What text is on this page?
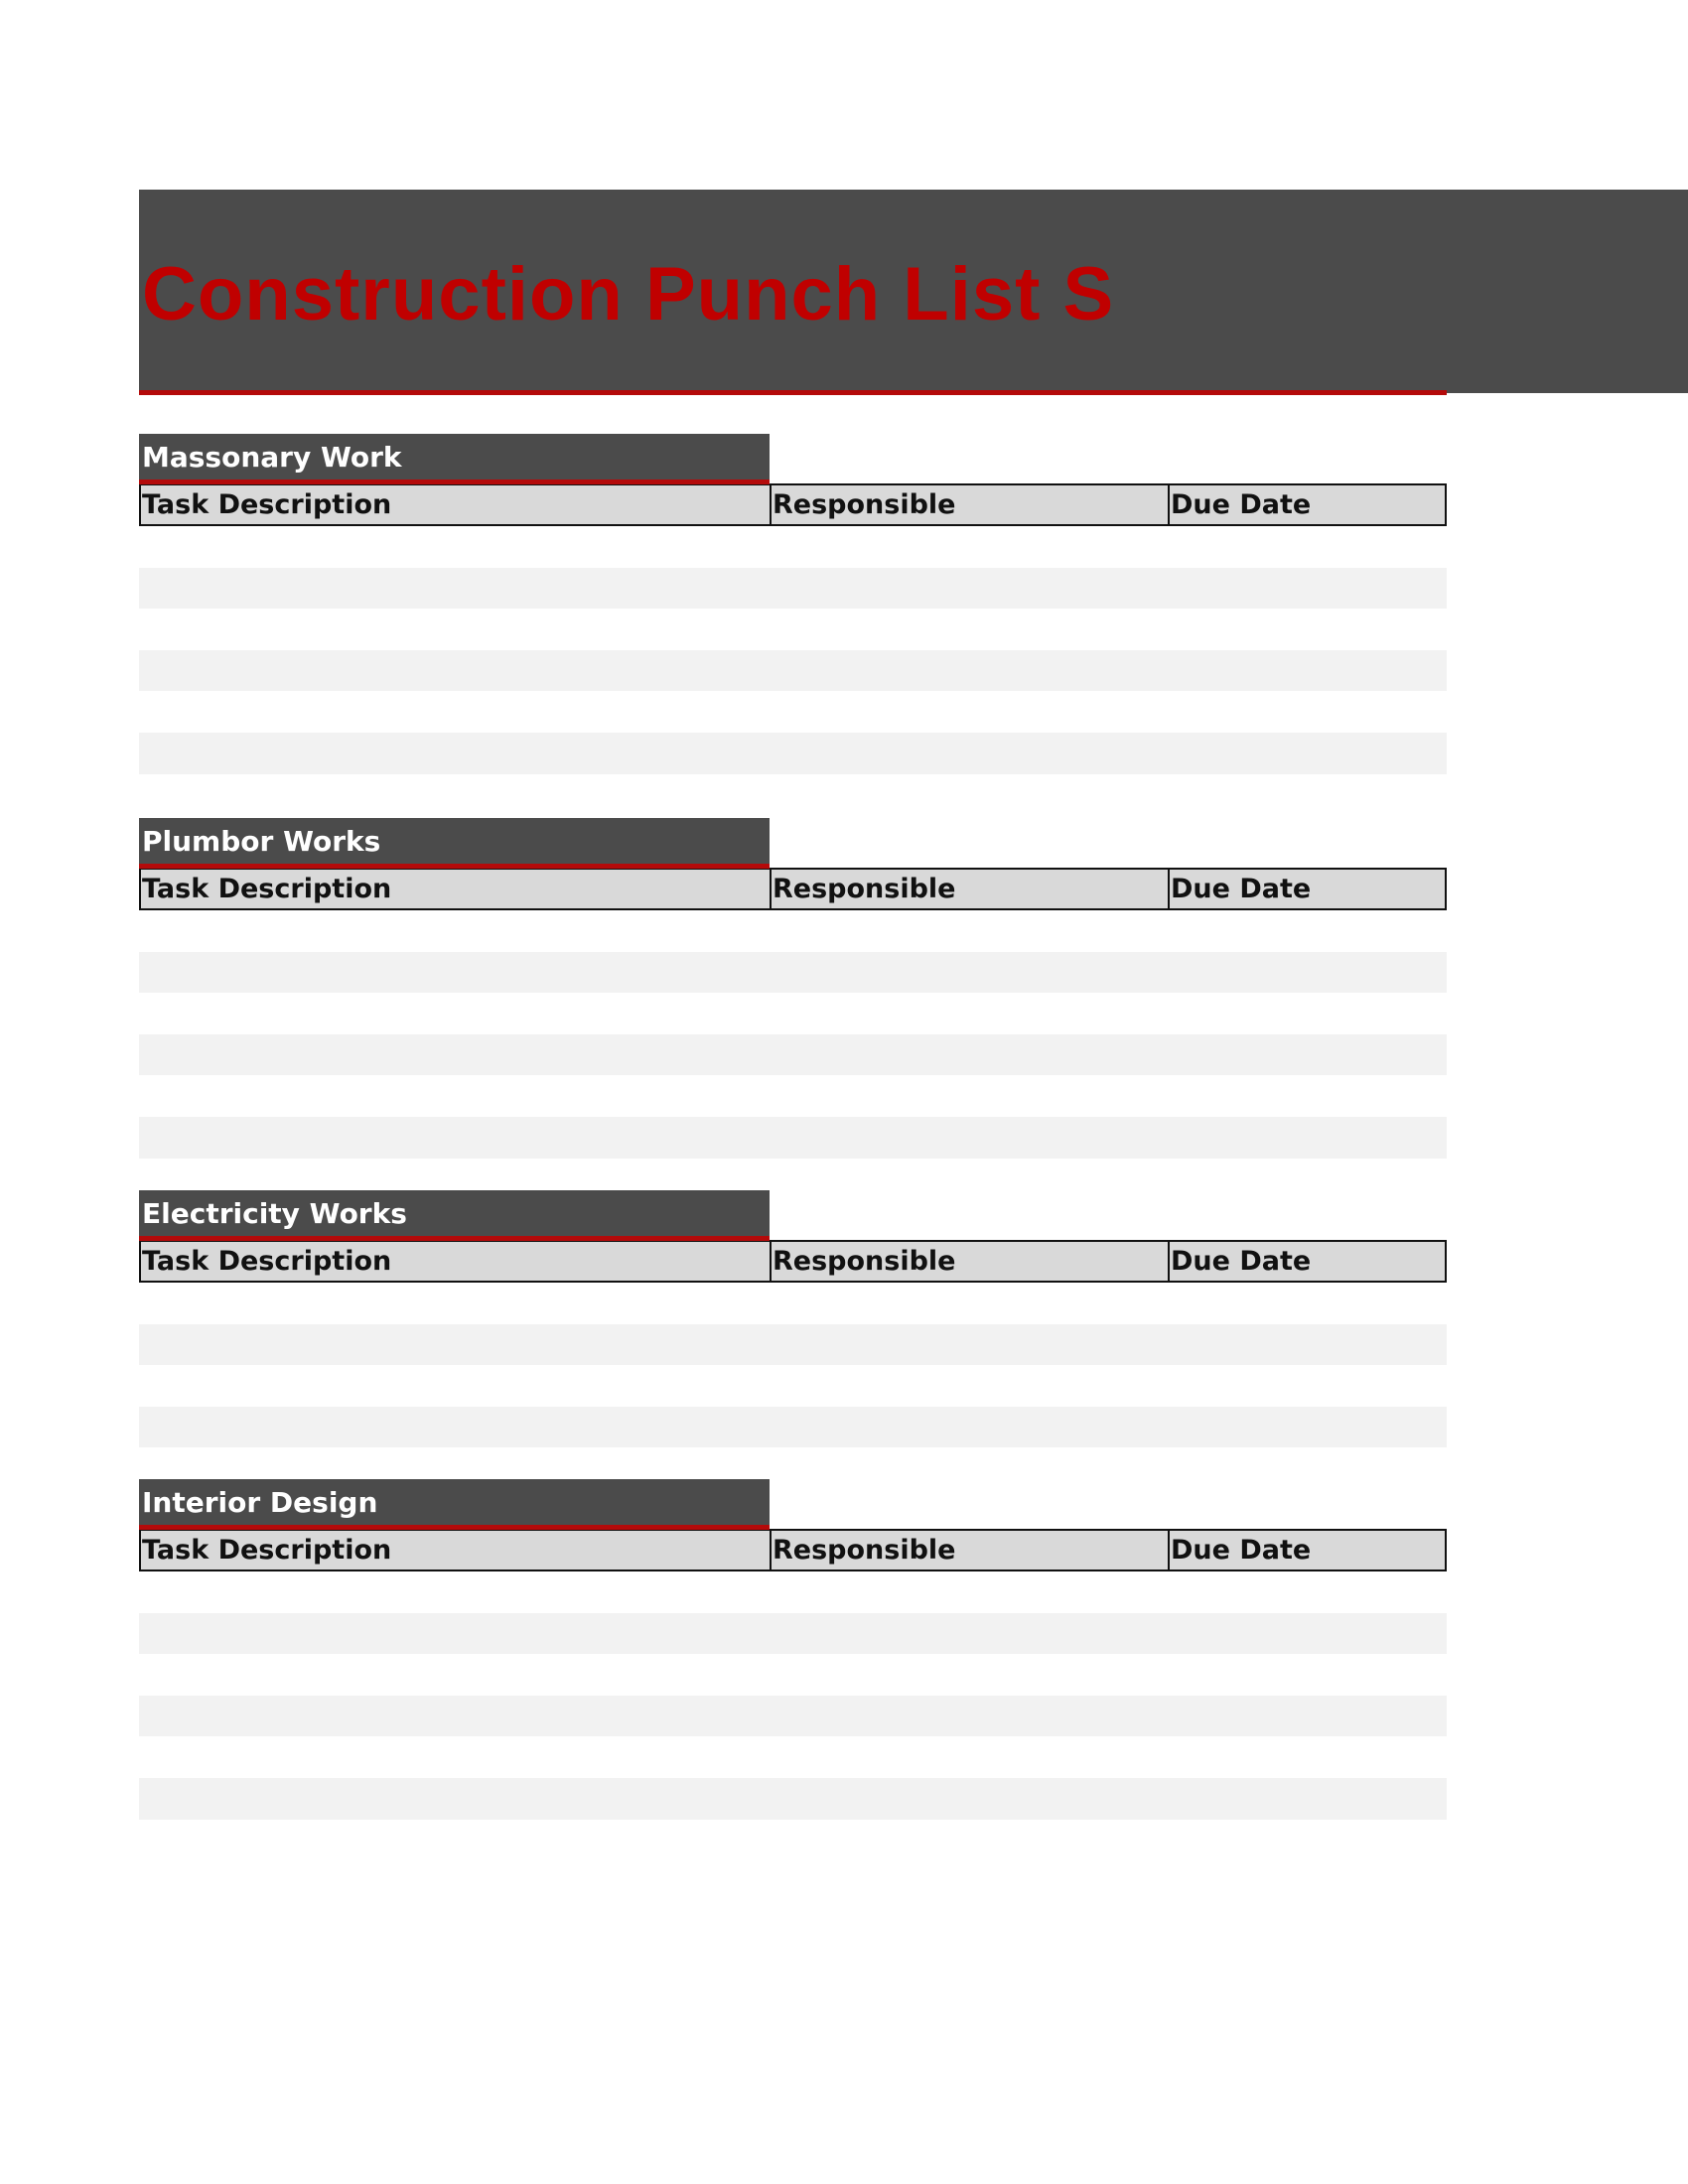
Construction Punch List S
Massonary Work
Task Description	Responsible	Due Date
Plumbor Works
Task Description	Responsible	Due Date
Electricity Works
Task Description	Responsible	Due Date
Interior Design
Task Description	Responsible	Due Date
